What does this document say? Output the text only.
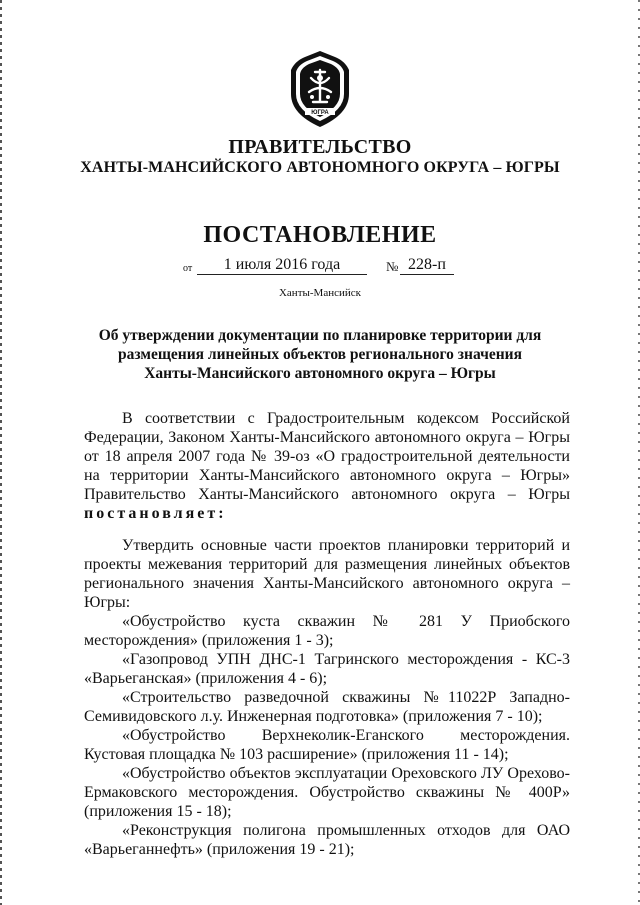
ЮГРА
ПРАВИТЕЛЬСТВО
ХАНТЫ-МАНСИЙСКОГО АВТОНОМНОГО ОКРУГА – ЮГРЫ
ПОСТАНОВЛЕНИЕ
от	1 июля 2016 года	№ 228-п
Ханты-Мансийск
Об утверждении документации по планировке территории для размещения линейных объектов регионального значения Ханты-Мансийского автономного округа – Югры

В соответствии с Градостроительным кодексом Российской Федерации, Законом Ханты-Мансийского автономного округа – Югры от 18 апреля 2007 года № 39-оз «О градостроительной деятельности на территории Ханты-Мансийского автономного округа – Югры» Правительство Ханты-Мансийского автономного округа – Югры постановляет:

Утвердить основные части проектов планировки территорий и проекты межевания территорий для размещения линейных объектов регионального значения Ханты-Мансийского автономного округа – Югры:

«Обустройство куста скважин № 281 У Приобского месторождения» (приложения 1 - 3);

«Газопровод УПН ДНС-1 Тагринского месторождения - КС-3 «Варьеганская» (приложения 4 - 6);

«Строительство разведочной скважины №11022Р Западно-Семивидовского л.у. Инженерная подготовка» (приложения 7 - 10);

«Обустройство Верхнеколик-Еганского месторождения. Кустовая площадка № 103 расширение» (приложения 11 - 14);

«Обустройство объектов эксплуатации Ореховского ЛУ Орехово-Ермаковского месторождения. Обустройство скважины № 400Р» (приложения 15 - 18);

«Реконструкция полигона промышленных отходов для ОАО «Варьеганнефть» (приложения 19 - 21);
